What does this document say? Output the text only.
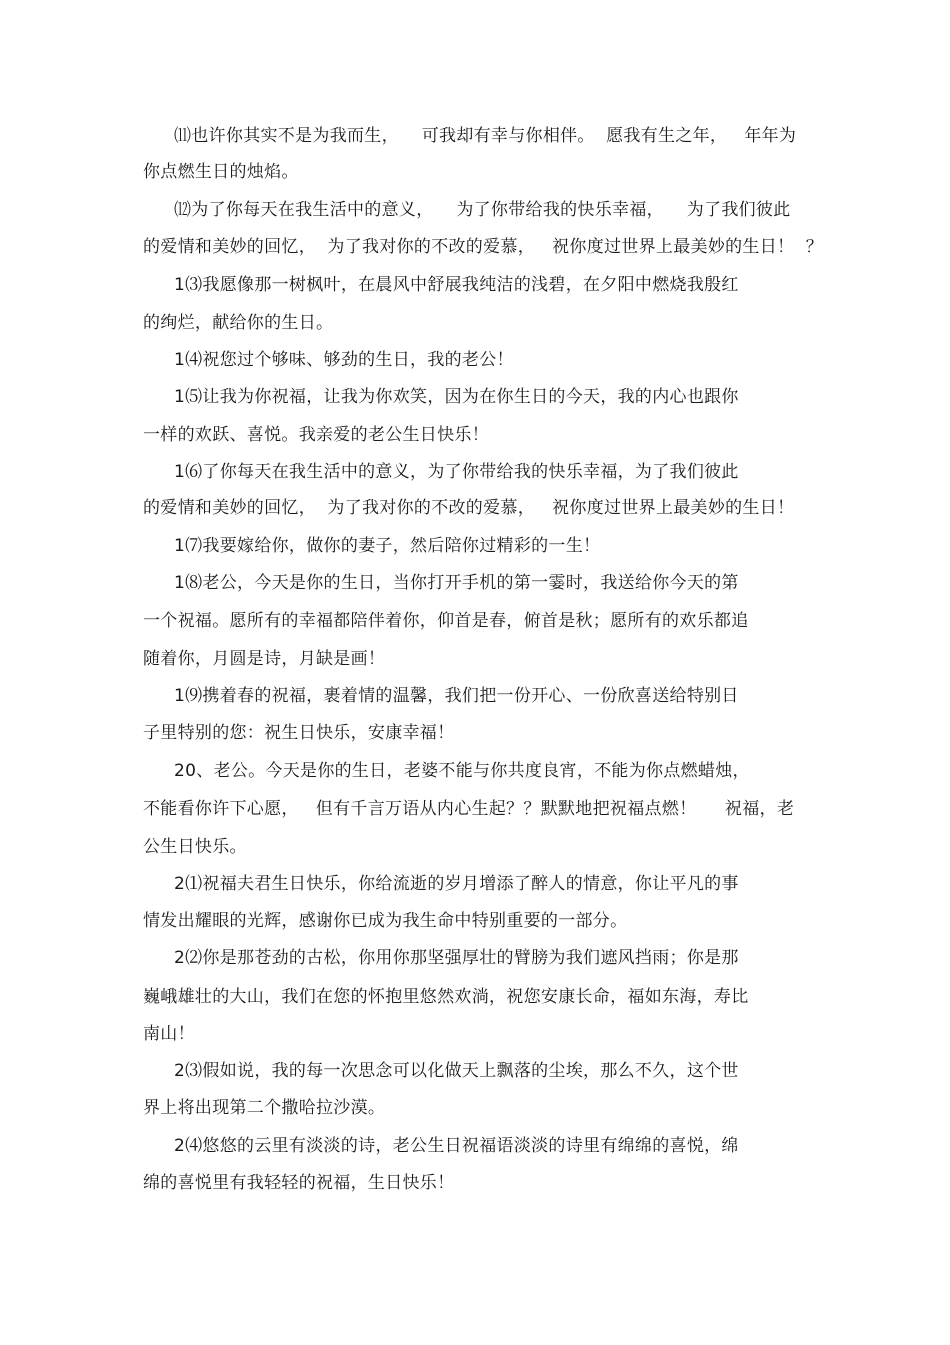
⑾也许你其实不是为我而生，    可我却有幸与你相伴。  愿我有生之年，   年年为
你点燃生日的烛焰。
⑿为了你每天在我生活中的意义，    为了你带给我的快乐幸福，    为了我们彼此
的爱情和美妙的回忆，  为了我对你的不改的爱慕，   祝你度过世界上最美妙的生日！  ？
1⑶我愿像那一树枫叶，在晨风中舒展我纯洁的浅碧，在夕阳中燃烧我殷红
的绚烂，献给你的生日。
1⑷祝您过个够味、够劲的生日，我的老公！
1⑸让我为你祝福，让我为你欢笑，因为在你生日的今天，我的内心也跟你
一样的欢跃、喜悦。我亲爱的老公生日快乐！
1⑹了你每天在我生活中的意义，为了你带给我的快乐幸福，为了我们彼此
的爱情和美妙的回忆，  为了我对你的不改的爱慕，   祝你度过世界上最美妙的生日！
1⑺我要嫁给你，做你的妻子，然后陪你过精彩的一生！
1⑻老公，今天是你的生日，当你打开手机的第一霎时，我送给你今天的第
一个祝福。愿所有的幸福都陪伴着你，仰首是春，俯首是秋；愿所有的欢乐都追
随着你，月圆是诗，月缺是画！
1⑼携着春的祝福，裹着情的温馨，我们把一份开心、一份欣喜送给特别日
子里特别的您：祝生日快乐，安康幸福！
20、老公。今天是你的生日，老婆不能与你共度良宵，不能为你点燃蜡烛，
不能看你许下心愿，   但有千言万语从内心生起？？默默地把祝福点燃！     祝福，老
公生日快乐。
2⑴祝福夫君生日快乐，你给流逝的岁月增添了醉人的情意，你让平凡的事
情发出耀眼的光辉，感谢你已成为我生命中特别重要的一部分。
2⑵你是那苍劲的古松，你用你那坚强厚壮的臂膀为我们遮风挡雨；你是那
巍峨雄壮的大山，我们在您的怀抱里悠然欢淌，祝您安康长命，福如东海，寿比
南山！
2⑶假如说，我的每一次思念可以化做天上飘落的尘埃，那么不久，这个世
界上将出现第二个撒哈拉沙漠。
2⑷悠悠的云里有淡淡的诗，老公生日祝福语淡淡的诗里有绵绵的喜悦，绵
绵的喜悦里有我轻轻的祝福，生日快乐！
